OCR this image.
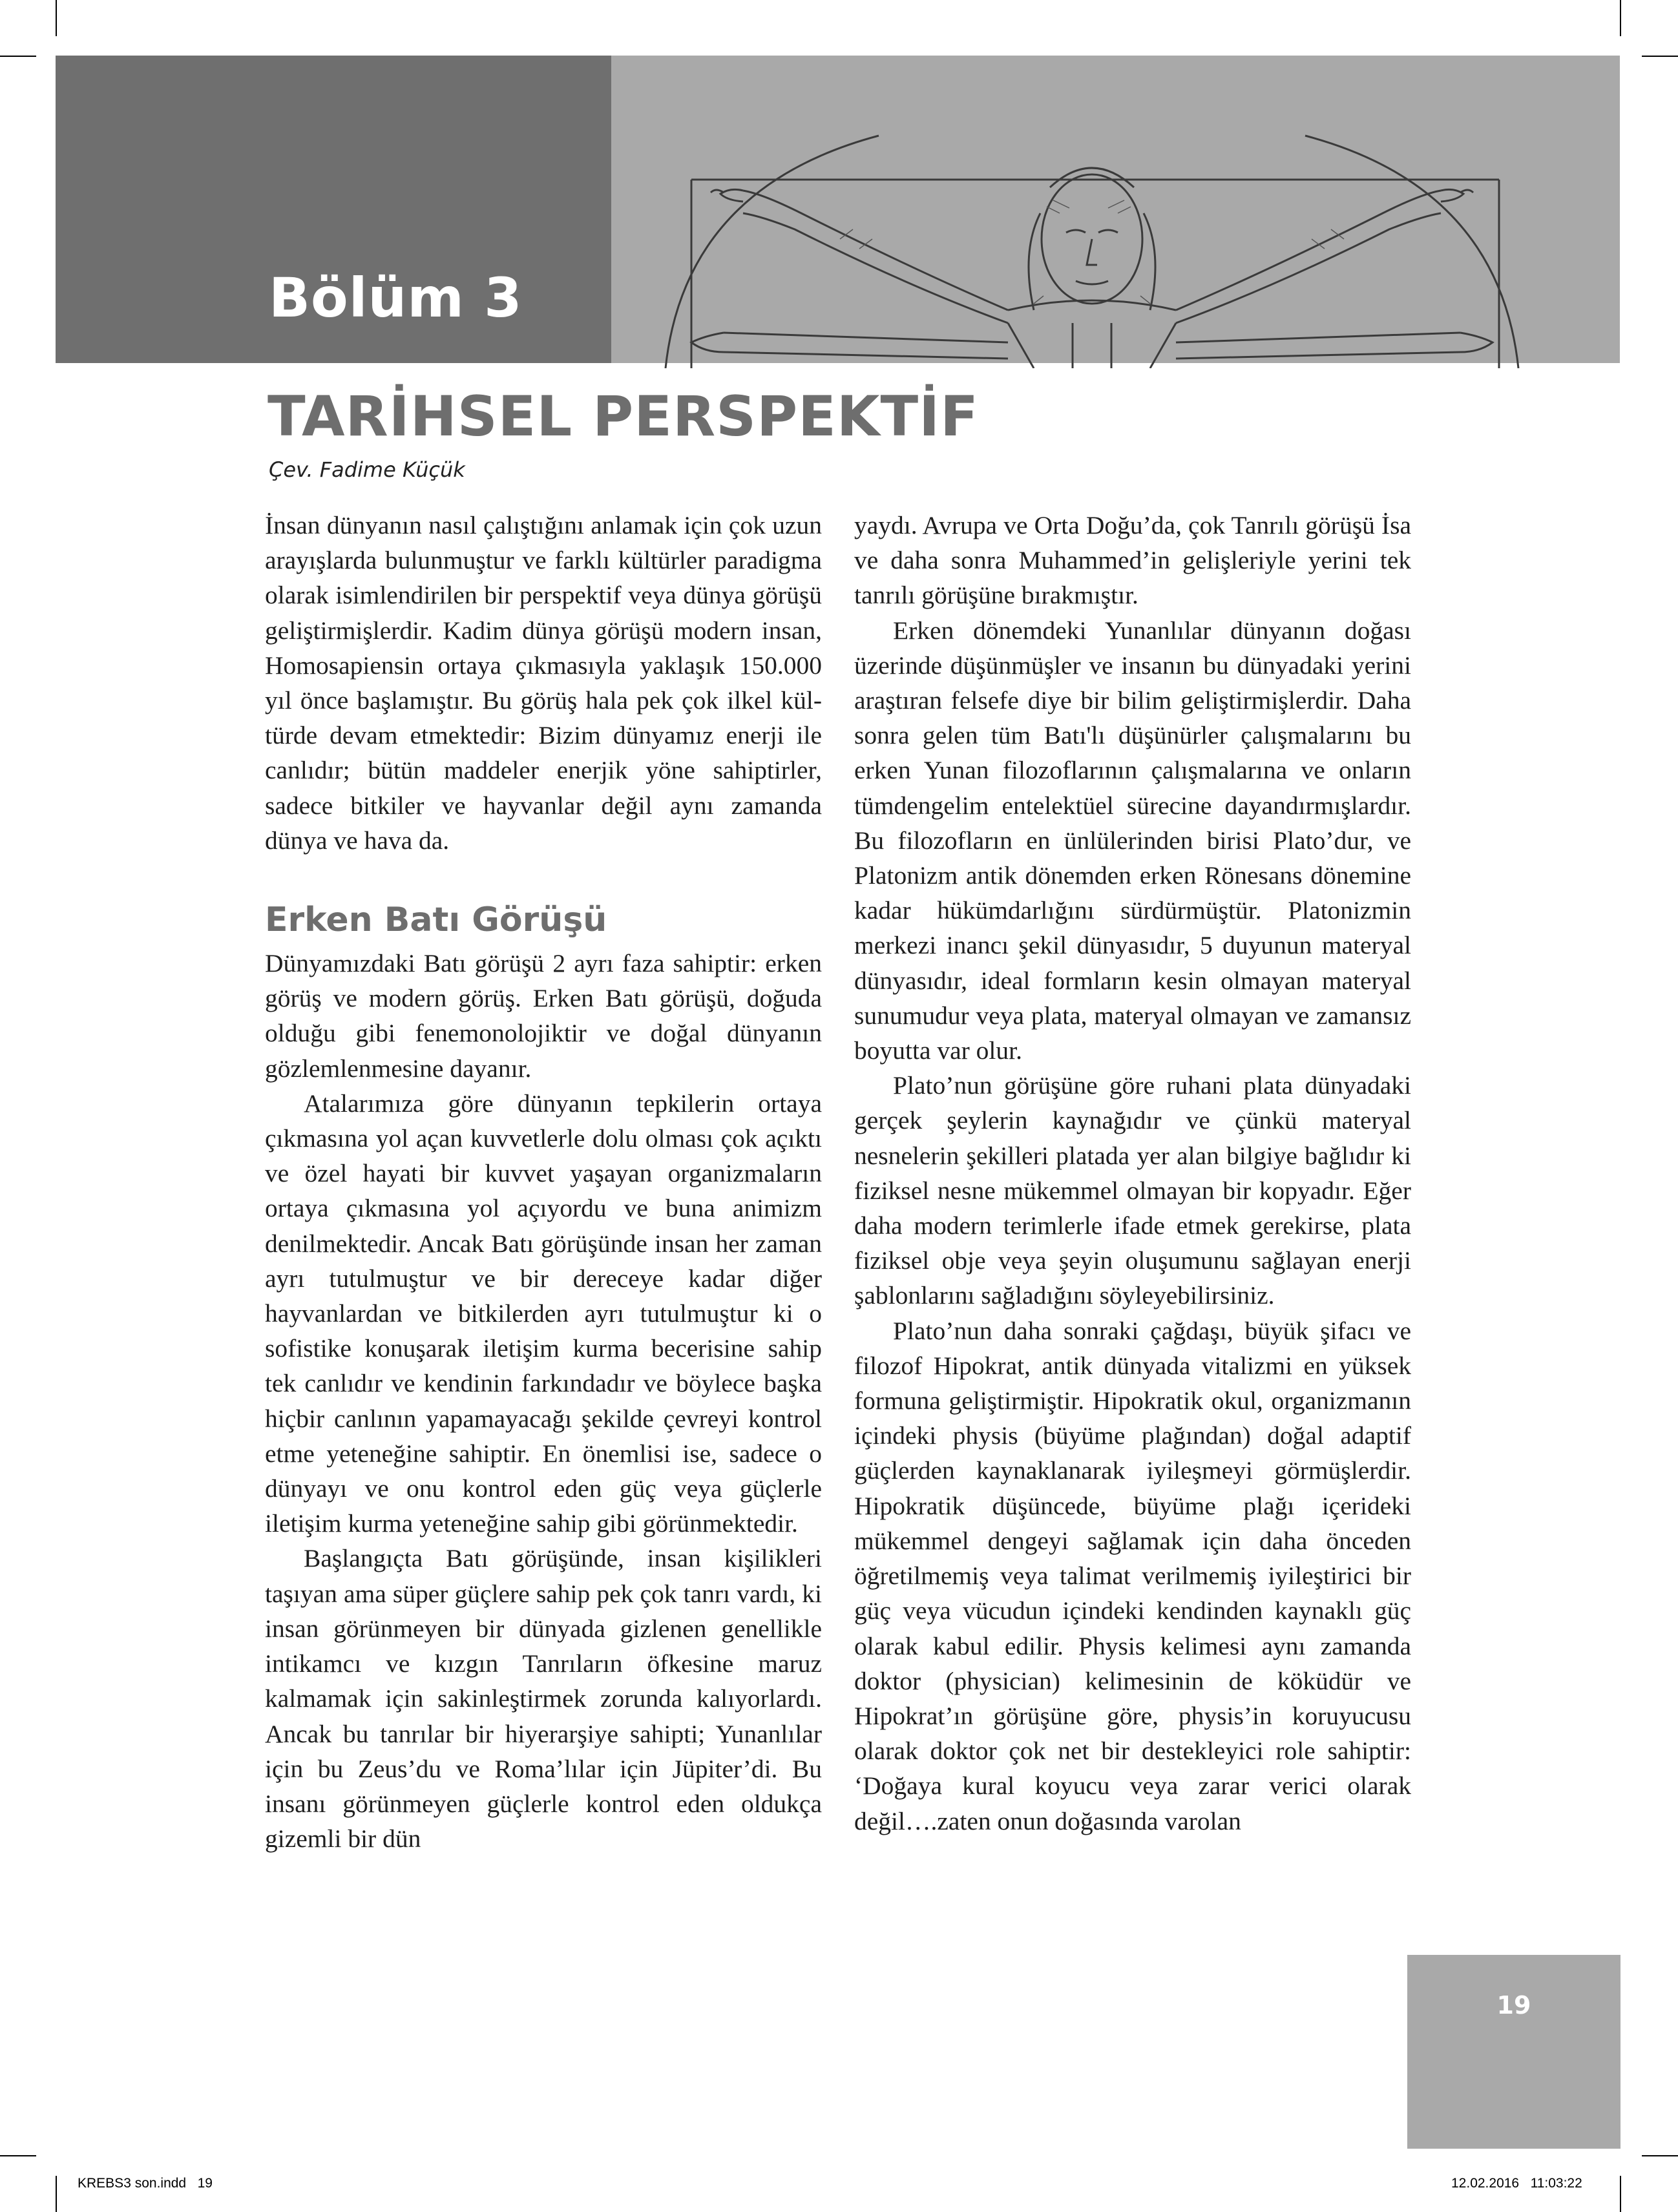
Bölüm 3
TARİHSEL PERSPEKTİF
Çev. Fadime Küçük

İnsan dünyanın nasıl çalıştığını anlamak için çok uzun arayışlarda bulunmuştur ve farklı kültürler paradigma olarak isimlendirilen bir perspektif veya dünya görüşü geliştirmişlerdir. Kadim dünya görüşü modern insan, Homosapiensin ortaya çıkmasıyla yaklaşık 150.000 yıl önce başlamıştır. Bu görüş hala pek çok ilkel kültürde devam etmektedir: Bizim dünyamız enerji ile canlıdır; bütün maddeler enerjik yöne sahiptirler, sadece bitkiler ve hayvanlar değil aynı zamanda dünya ve hava da.

Erken Batı Görüşü

Dünyamızdaki Batı görüşü 2 ayrı faza sahiptir: erken görüş ve modern görüş. Erken Batı görüşü, doğuda olduğu gibi fenemonolojiktir ve doğal dünyanın gözlemlenmesine dayanır.

Atalarımıza göre dünyanın tepkilerin ortaya çıkmasına yol açan kuvvetlerle dolu olması çok açıktı ve özel hayati bir kuvvet yaşayan organizmaların ortaya çıkmasına yol açıyordu ve buna animizm denilmektedir. Ancak Batı görüşünde insan her zaman ayrı tutulmuştur ve bir dereceye kadar diğer hayvanlardan ve bitkilerden ayrı tutulmuştur ki o sofistike konuşarak iletişim kurma becerisine sahip tek canlıdır ve kendinin farkındadır ve böylece başka hiçbir canlının yapamayacağı şekilde çevreyi kontrol etme yeteneğine sahiptir. En önemlisi ise, sadece o dünyayı ve onu kontrol eden güç veya güçlerle iletişim kurma yeteneğine sahip gibi görünmektedir.

Başlangıçta Batı görüşünde, insan kişilikleri taşıyan ama süper güçlere sahip pek çok tanrı vardı, ki insan görünmeyen bir dünyada gizlenen genellikle intikamcı ve kızgın Tanrıların öfkesine maruz kalmamak için sakinleştirmek zorunda kalıyorlardı. Ancak bu tanrılar bir hiyerarşiye sahipti; Yunanlılar için bu Zeus’du ve Roma’lılar için Jüpiter’di. Bu insanı görünmeyen güçlerle kontrol eden oldukça gizemli bir dün

yaydı. Avrupa ve Orta Doğu’da, çok Tanrılı görüşü İsa ve daha sonra Muhammed’in gelişleriyle yerini tek tanrılı görüşüne bırakmıştır.

Erken dönemdeki Yunanlılar dünyanın doğası üzerinde düşünmüşler ve insanın bu dünyadaki yerini araştıran felsefe diye bir bilim geliştirmişlerdir. Daha sonra gelen tüm Batı'lı düşünürler çalışmalarını bu erken Yunan filozoflarının çalışmalarına ve onların tümdengelim entelektüel sürecine dayandırmışlardır. Bu filozofların en ünlülerinden birisi Plato’dur, ve Platonizm antik dönemden erken Rönesans dönemine kadar hükümdarlığını sürdürmüştür. Platonizmin merkezi inancı şekil dünyasıdır, 5 duyunun materyal dünyasıdır, ideal formların kesin olmayan materyal sunumudur veya plata, materyal olmayan ve zamansız boyutta var olur.

Plato’nun görüşüne göre ruhani plata dünyadaki gerçek şeylerin kaynağıdır ve çünkü materyal nesnelerin şekilleri platada yer alan bilgiye bağlıdır ki fiziksel nesne mükemmel olmayan bir kopyadır. Eğer daha modern terimlerle ifade etmek gerekirse, plata fiziksel obje veya şeyin oluşumunu sağlayan enerji şablonlarını sağladığını söyleyebilirsiniz.

Plato’nun daha sonraki çağdaşı, büyük şifacı ve filozof Hipokrat, antik dünyada vitalizmi en yüksek formuna geliştirmiştir. Hipokratik okul, organizmanın içindeki physis (büyüme plağından) doğal adaptif güçlerden kaynaklanarak iyileşmeyi görmüşlerdir. Hipokratik düşüncede, büyüme plağı içerideki mükemmel dengeyi sağlamak için daha önceden öğretilmemiş veya talimat verilmemiş iyileştirici bir güç veya vücudun içindeki kendinden kaynaklı güç olarak kabul edilir. Physis kelimesi aynı zamanda doktor (physician) kelimesinin de köküdür ve Hipokrat’ın görüşüne göre, physis’in koruyucusu olarak doktor çok net bir destekleyici role sahiptir: ‘Doğaya kural koyucu veya zarar verici olarak değil….zaten onun doğasında varolan

19
KREBS3 son.indd   19	12.02.2016   11:03:22
